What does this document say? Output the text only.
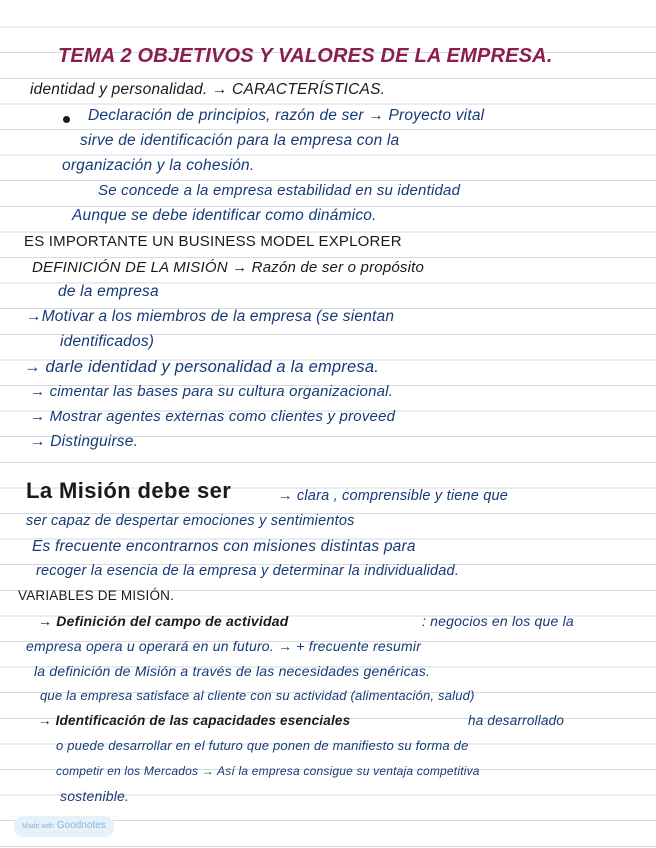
TEMA 2 OBJETIVOS Y VALORES DE LA EMPRESA.
identidad y personalidad. → CARACTERÍSTICAS.
Declaración de principios, razón de ser → Proyecto vital
sirve de identificación para la empresa con la
organización y la cohesión.
Se concede a la empresa estabilidad en su identidad
Aunque se debe identificar como dinámico.
ES IMPORTANTE UN BUSINESS MODEL EXPLORER
DEFINICIÓN DE LA MISIÓN → Razón de ser o propósito
de la empresa
→Motivar a los miembros de la empresa (se sientan
identificados)
→ darle identidad y personalidad a la empresa.
→ cimentar las bases para su cultura organizacional.
→ Mostrar agentes externas como clientes y proveed
→ Distinguirse.
La Misión debe ser	→ clara , comprensible y tiene que
ser capaz de despertar emociones y sentimientos
Es frecuente encontrarnos con misiones distintas para
recoger la esencia de la empresa y determinar la individualidad.
VARIABLES DE MISIÓN.
→ Definición del campo de actividad	: negocios en los que la
empresa opera u operará en un futuro. → + frecuente resumir
la definición de Misión a través de las necesidades genéricas.
que la empresa satisface al cliente con su actividad (alimentación, salud)
→ Identificación de las capacidades esenciales	ha desarrollado
o puede desarrollar en el futuro que ponen de manifiesto su forma de
competir en los Mercados → Así la empresa consigue su ventaja competitiva
sostenible.
Made with Goodnotes
